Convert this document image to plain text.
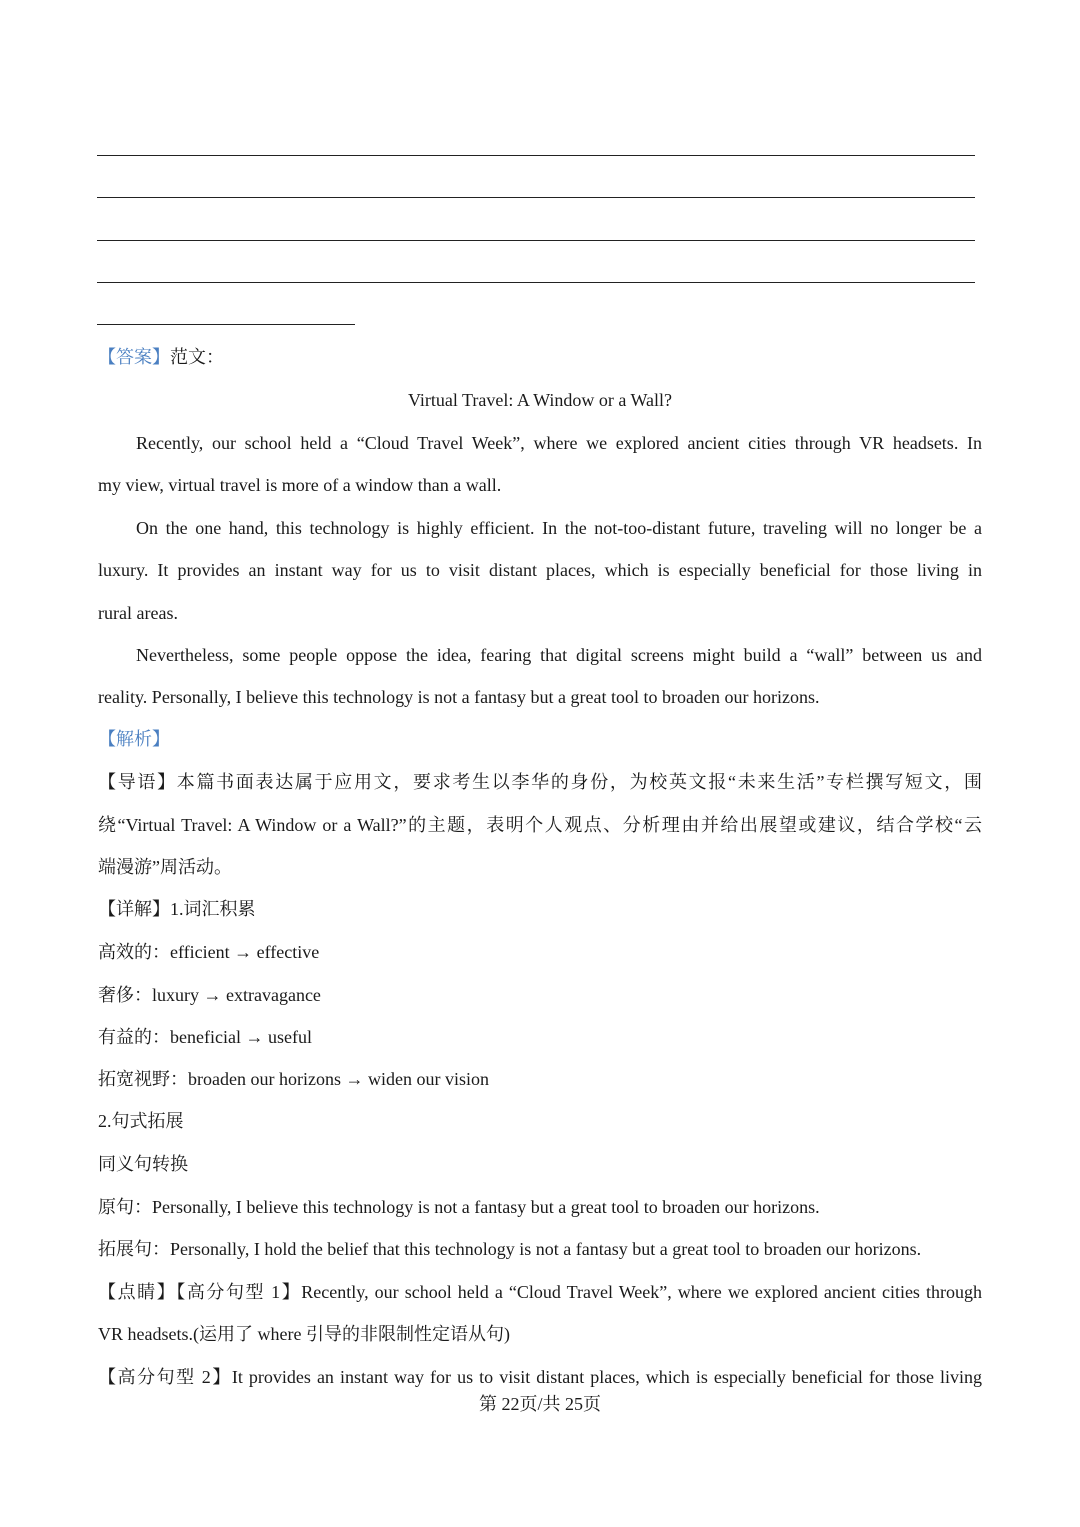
【答案】范文：
Virtual Travel: A Window or a Wall?
Recently, our school held a “Cloud Travel Week”, where we explored ancient cities through VR headsets. In
my view, virtual travel is more of a window than a wall.
On the one hand, this technology is highly efficient. In the not-too-distant future, traveling will no longer be a
luxury. It provides an instant way for us to visit distant places, which is especially beneficial for those living in
rural areas.
Nevertheless, some people oppose the idea, fearing that digital screens might build a “wall” between us and
reality. Personally, I believe this technology is not a fantasy but a great tool to broaden our horizons.
【解析】
【导语】本篇书面表达属于应用文，要求考生以李华的身份，为校英文报“未来生活”专栏撰写短文，围
绕“Virtual Travel: A Window or a Wall?”的主题，表明个人观点、分析理由并给出展望或建议，结合学校“云
端漫游”周活动。
【详解】1.词汇积累
高效的：efficient → effective
奢侈：luxury → extravagance
有益的：beneficial → useful
拓宽视野：broaden our horizons → widen our vision
2.句式拓展
同义句转换
原句：Personally, I believe this technology is not a fantasy but a great tool to broaden our horizons.
拓展句：Personally, I hold the belief that this technology is not a fantasy but a great tool to broaden our horizons.
【点睛】【高分句型 1】Recently, our school held a “Cloud Travel Week”, where we explored ancient cities through
VR headsets.(运用了 where 引导的非限制性定语从句)
【高分句型 2】It provides an instant way for us to visit distant places, which is especially beneficial for those living
第 22页/共 25页
